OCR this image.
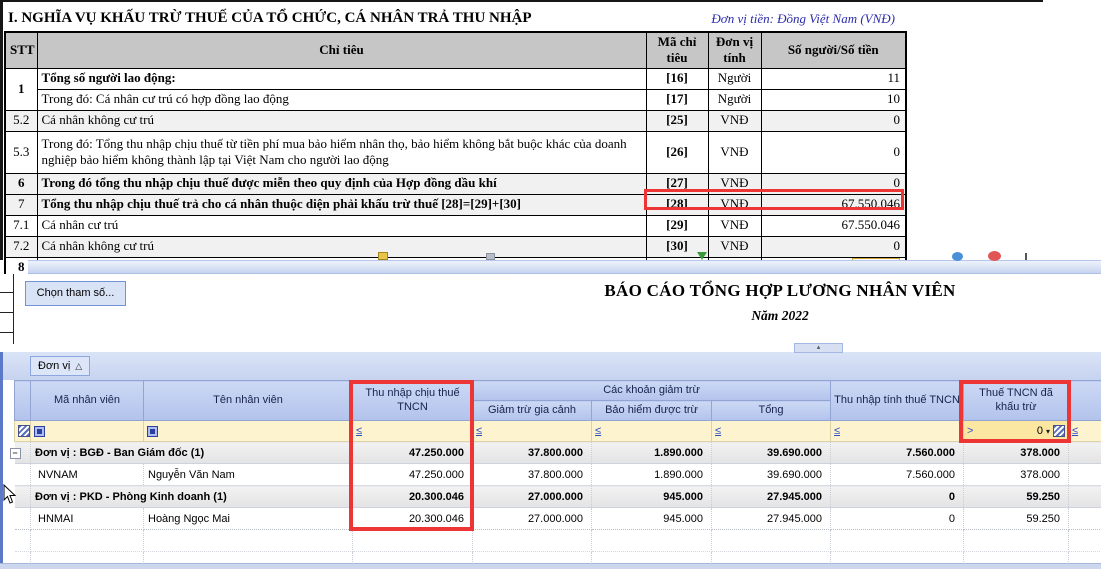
I. NGHĨA VỤ KHẤU TRỪ THUẾ CỦA TỔ CHỨC, CÁ NHÂN TRẢ THU NHẬP	Đơn vị tiền: Đồng Việt Nam (VNĐ)
STT	Chỉ tiêu	Mã chỉ tiêu	Đơn vị tính	Số người/Số tiền
1	Tổng số người lao động:	[16]	Người	11
	Trong đó: Cá nhân cư trú có hợp đồng lao động	[17]	Người	10
5.2	Cá nhân không cư trú	[25]	VNĐ	0
5.3	Trong đó: Tổng thu nhập chịu thuế từ tiền phí mua bảo hiểm nhân thọ, bảo hiểm không bắt buộc khác của doanh nghiệp bảo hiểm không thành lập tại Việt Nam cho người lao động	[26]	VNĐ	0
6	Trong đó tổng thu nhập chịu thuế được miễn theo quy định của Hợp đồng dầu khí	[27]	VNĐ	0
7	Tổng thu nhập chịu thuế trả cho cá nhân thuộc diện phải khấu trừ thuế [28]=[29]+[30]	[28]	VNĐ	67.550.046
7.1	Cá nhân cư trú	[29]	VNĐ	67.550.046
7.2	Cá nhân không cư trú	[30]	VNĐ	0
8				
Chọn tham số...	BÁO CÁO TỔNG HỢP LƯƠNG NHÂN VIÊN
Năm 2022
▴
Đơn vị △
	Mã nhân viên	Tên nhân viên	Thu nhập chịu thuế TNCN	Các khoản giảm trừ			Thu nhập tính thuế TNCN	Thuế TNCN đã khấu trừ	
				Giảm trừ gia cảnh	Bảo hiểm được trừ	Tổng			
			≤	≤	≤	≤	≤	> 0 ▾	≤
−	Đơn vị : BGĐ - Ban Giám đốc (1)		47.250.000	37.800.000	1.890.000	39.690.000	7.560.000	378.000	
	NVNAM	Nguyễn Văn Nam	47.250.000	37.800.000	1.890.000	39.690.000	7.560.000	378.000	
	Đơn vị : PKD - Phòng Kinh doanh (1)		20.300.046	27.000.000	945.000	27.945.000	0	59.250	
	HNMAI	Hoàng Ngọc Mai	20.300.046	27.000.000	945.000	27.945.000	0	59.250	
